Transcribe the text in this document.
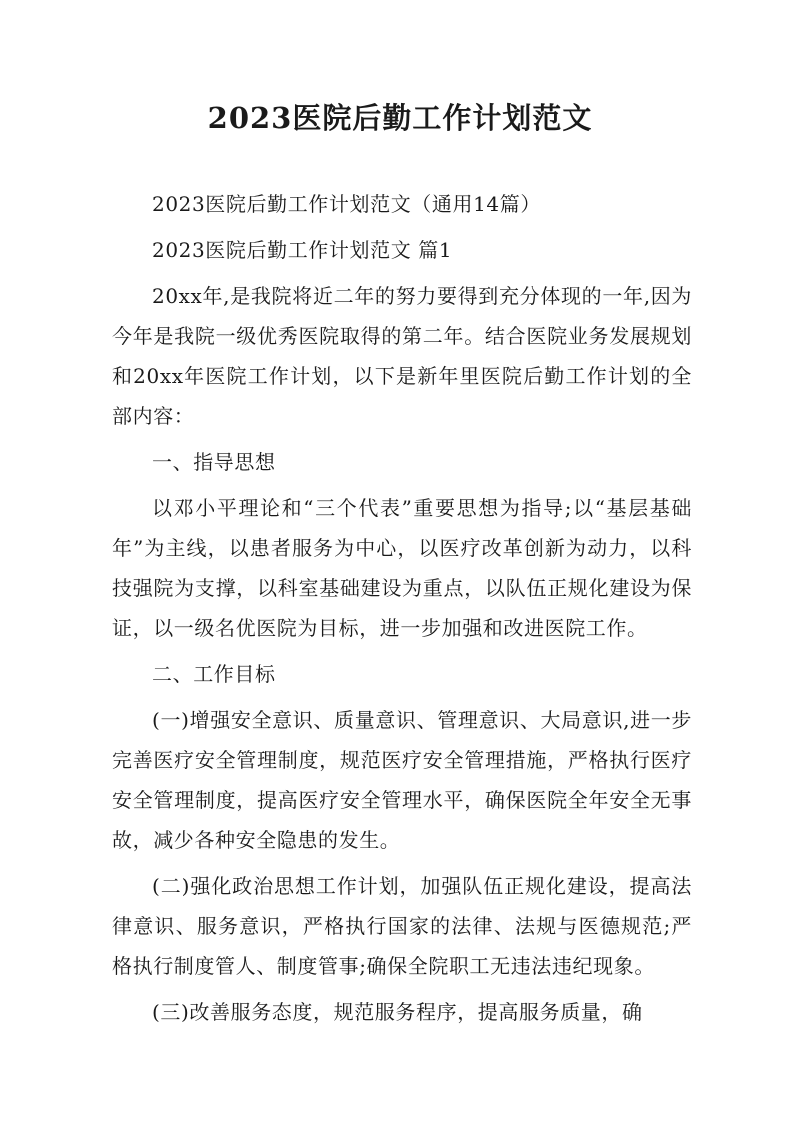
2023医院后勤工作计划范文

2023医院后勤工作计划范文（通用14篇）

2023医院后勤工作计划范文 篇1

20xx年,是我院将近二年的努力要得到充分体现的一年,因为今年是我院一级优秀医院取得的第二年。结合医院业务发展规划和20xx年医院工作计划，以下是新年里医院后勤工作计划的全部内容：

一、指导思想

以邓小平理论和“三个代表”重要思想为指导;以“基层基础年”为主线，以患者服务为中心，以医疗改革创新为动力，以科技强院为支撑，以科室基础建设为重点，以队伍正规化建设为保证，以一级名优医院为目标，进一步加强和改进医院工作。

二、工作目标

(一)增强安全意识、质量意识、管理意识、大局意识,进一步完善医疗安全管理制度，规范医疗安全管理措施，严格执行医疗安全管理制度，提高医疗安全管理水平，确保医院全年安全无事故，减少各种安全隐患的发生。

(二)强化政治思想工作计划，加强队伍正规化建设，提高法律意识、服务意识，严格执行国家的法律、法规与医德规范;严格执行制度管人、制度管事;确保全院职工无违法违纪现象。

(三)改善服务态度，规范服务程序，提高服务质量，确
